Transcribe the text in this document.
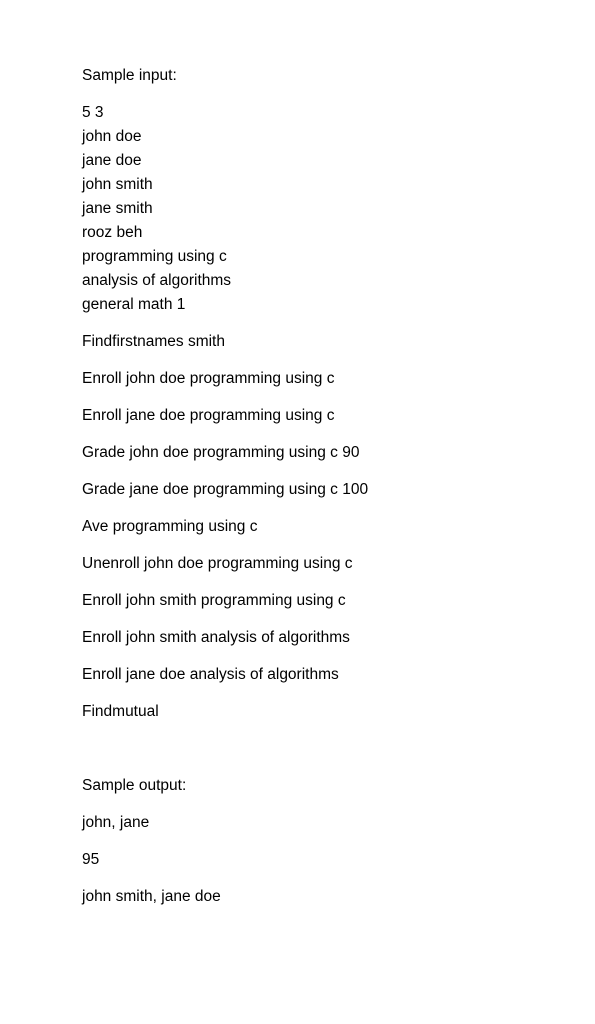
Sample input:
5 3
john doe
jane doe
john smith
jane smith
rooz beh
programming using c
analysis of algorithms
general math 1
Findfirstnames smith
Enroll john doe programming using c
Enroll jane doe programming using c
Grade john doe programming using c 90
Grade jane doe programming using c 100
Ave programming using c
Unenroll john doe programming using c
Enroll john smith programming using c
Enroll john smith analysis of algorithms
Enroll jane doe analysis of algorithms
Findmutual
Sample output:
john, jane
95
john smith, jane doe
